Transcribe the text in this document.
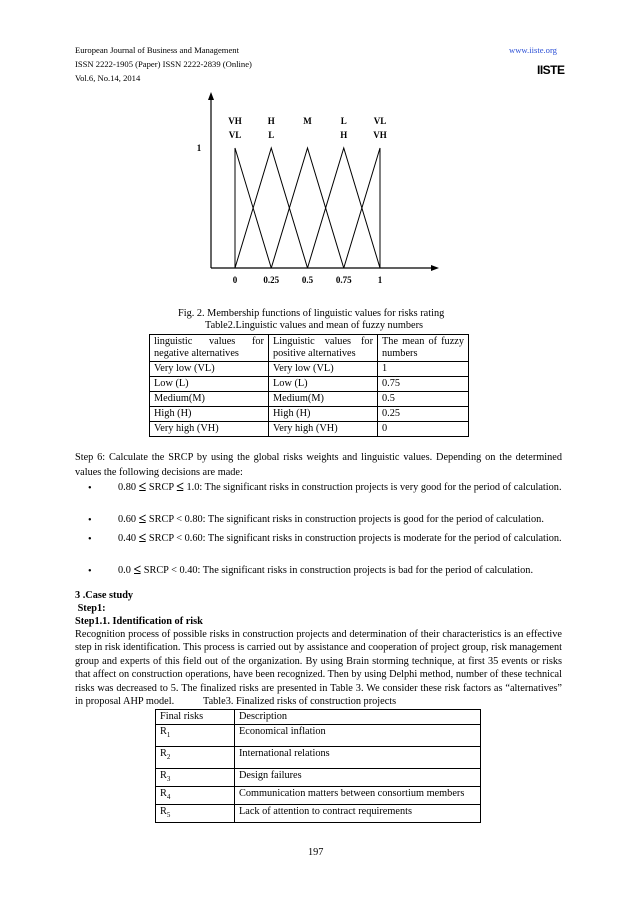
European Journal of Business and Management
ISSN 2222-1905 (Paper) ISSN 2222-2839 (Online)
Vol.6, No.14, 2014
www.iiste.org
IISTE
1
0	0.25	0.5	0.75	1
VH	H	M	L	VL
VL	L	H	VH
Fig. 2. Membership functions of linguistic values for risks rating
Table2.Linguistic values and mean of fuzzy numbers
linguistic values for negative alternatives	Linguistic values for positive alternatives	The mean of fuzzy numbers
Very low (VL)	Very low (VL)	1
Low (L)	Low (L)	0.75
Medium(M)	Medium(M)	0.5
High (H)	High (H)	0.25
Very high (VH)	Very high (VH)	0
Step 6: Calculate the SRCP by using the global risks weights and linguistic values. Depending on the determined values the following decisions are made:
•	0.80 ≤ SRCP ≤ 1.0: The significant risks in construction projects is very good for the period of calculation.
•	0.60 ≤ SRCP < 0.80: The significant risks in construction projects is good for the period of calculation.
•	0.40 ≤ SRCP < 0.60: The significant risks in construction projects is moderate for the period of calculation.
•	0.0 ≤ SRCP < 0.40: The significant risks in construction projects is bad for the period of calculation.
3 .Case study
Step1:
Step1.1. Identification of risk
Recognition process of possible risks in construction projects and determination of their characteristics is an effective step in risk identification. This process is carried out by assistance and cooperation of project group, risk management group and experts of this field out of the organization. By using Brain storming technique, at first 35 events or risks that affect on construction operations, have been recognized. Then by using Delphi method, number of these technical risks was decreased to 5. The finalized risks are presented in Table 3. We consider these risk factors as “alternatives” in proposal AHP model.	Table3. Finalized risks of construction projects
Final risks	Description
$R_1$	Economical inflation
$R_2$	International relations
$R_3$	Design failures
$R_4$	Communication matters between consortium members
$R_5$	Lack of attention to contract requirements
197
